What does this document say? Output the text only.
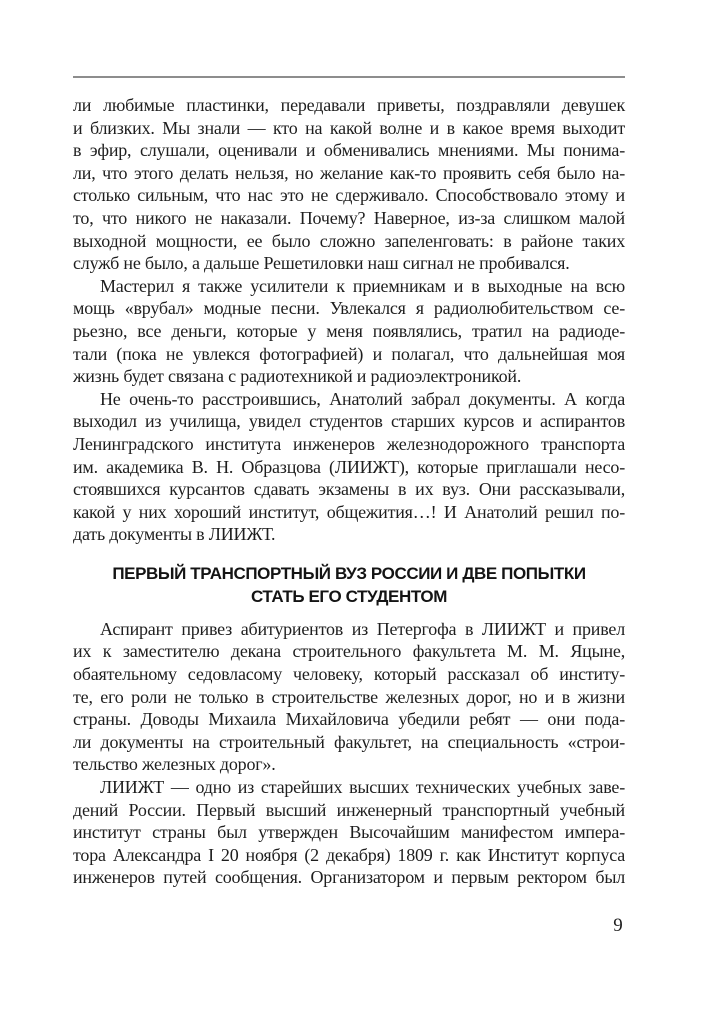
ли любимые пластинки, передавали приветы, поздравляли девушек
и близких. Мы знали — кто на какой волне и в какое время выходит
в эфир, слушали, оценивали и обменивались мнениями. Мы понима-
ли, что этого делать нельзя, но желание как-то проявить себя было на-
столько сильным, что нас это не сдерживало. Способствовало этому и
то, что никого не наказали. Почему? Наверное, из-за слишком малой
выходной мощности, ее было сложно запеленговать: в районе таких
служб не было, а дальше Решетиловки наш сигнал не пробивался.
Мастерил я также усилители к приемникам и в выходные на всю
мощь «врубал» модные песни. Увлекался я радиолюбительством се-
рьезно, все деньги, которые у меня появлялись, тратил на радиоде-
тали (пока не увлекся фотографией) и полагал, что дальнейшая моя
жизнь будет связана с радиотехникой и радиоэлектроникой.
Не очень-то расстроившись, Анатолий забрал документы. А когда
выходил из училища, увидел студентов старших курсов и аспирантов
Ленинградского института инженеров железнодорожного транспорта
им. академика В. Н. Образцова (ЛИИЖТ), которые приглашали несо-
стоявшихся курсантов сдавать экзамены в их вуз. Они рассказывали,
какой у них хороший институт, общежития…! И Анатолий решил по-
дать документы в ЛИИЖТ.
ПЕРВЫЙ ТРАНСПОРТНЫЙ ВУЗ РОССИИ И ДВЕ ПОПЫТКИ
СТАТЬ ЕГО СТУДЕНТОМ
Аспирант привез абитуриентов из Петергофа в ЛИИЖТ и привел
их к заместителю декана строительного факультета М. М. Яцыне,
обаятельному седовласому человеку, который рассказал об институ-
те, его роли не только в строительстве железных дорог, но и в жизни
страны. Доводы Михаила Михайловича убедили ребят — они пода-
ли документы на строительный факультет, на специальность «строи-
тельство железных дорог».
ЛИИЖТ — одно из старейших высших технических учебных заве-
дений России. Первый высший инженерный транспортный учебный
институт страны был утвержден Высочайшим манифестом импера-
тора Александра I 20 ноября (2 декабря) 1809 г. как Институт корпуса
инженеров путей сообщения. Организатором и первым ректором был
9
